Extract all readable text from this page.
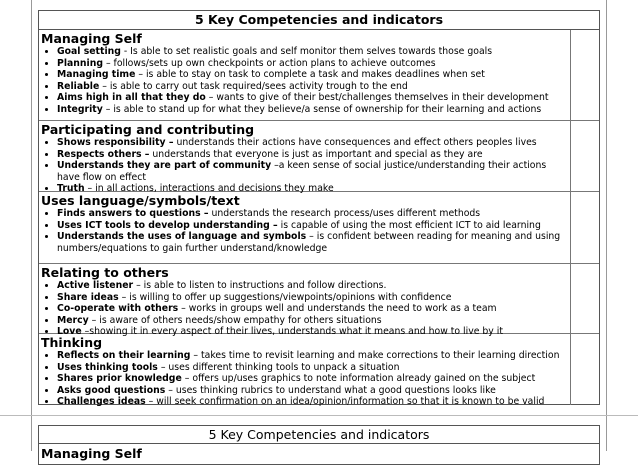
5 Key Competencies and indicators
Managing Self
• Goal setting - Is able to set realistic goals and self monitor them selves towards those goals
• Planning – follows/sets up own checkpoints or action plans to achieve outcomes
• Managing time – is able to stay on task to complete a task and makes deadlines when set
• Reliable – is able to carry out task required/sees activity trough to the end
• Aims high in all that they do – wants to give of their best/challenges themselves in their development
• Integrity – is able to stand up for what they believe/a sense of ownership for their learning and actions
Participating and contributing
• Shows responsibility – understands their actions have consequences and effect others peoples lives
• Respects others – understands that everyone is just as important and special as they are
• Understands they are part of community –a keen sense of social justice/understanding their actions have flow on effect
• Truth – in all actions, interactions and decisions they make
Uses language/symbols/text
• Finds answers to questions – understands the research process/uses different methods
• Uses ICT tools to develop understanding – is capable of using the most efficient ICT to aid learning
• Understands the uses of language and symbols – is confident between reading for meaning and using numbers/equations to gain further understand/knowledge
Relating to others
• Active listener – is able to listen to instructions and follow directions.
• Share ideas – is willing to offer up suggestions/viewpoints/opinions with confidence
• Co-operate with others – works in groups well and understands the need to work as a team
• Mercy – is aware of others needs/show empathy for others situations
• Love –showing it in every aspect of their lives, understands what it means and how to live by it
Thinking
• Reflects on their learning – takes time to revisit learning and make corrections to their learning direction
• Uses thinking tools – uses different thinking tools to unpack a situation
• Shares prior knowledge – offers up/uses graphics to note information already gained on the subject
• Asks good questions – uses thinking rubrics to understand what a good questions looks like
• Challenges ideas – will seek confirmation on an idea/opinion/information so that it is known to be valid
5 Key Competencies and indicators
Managing Self
